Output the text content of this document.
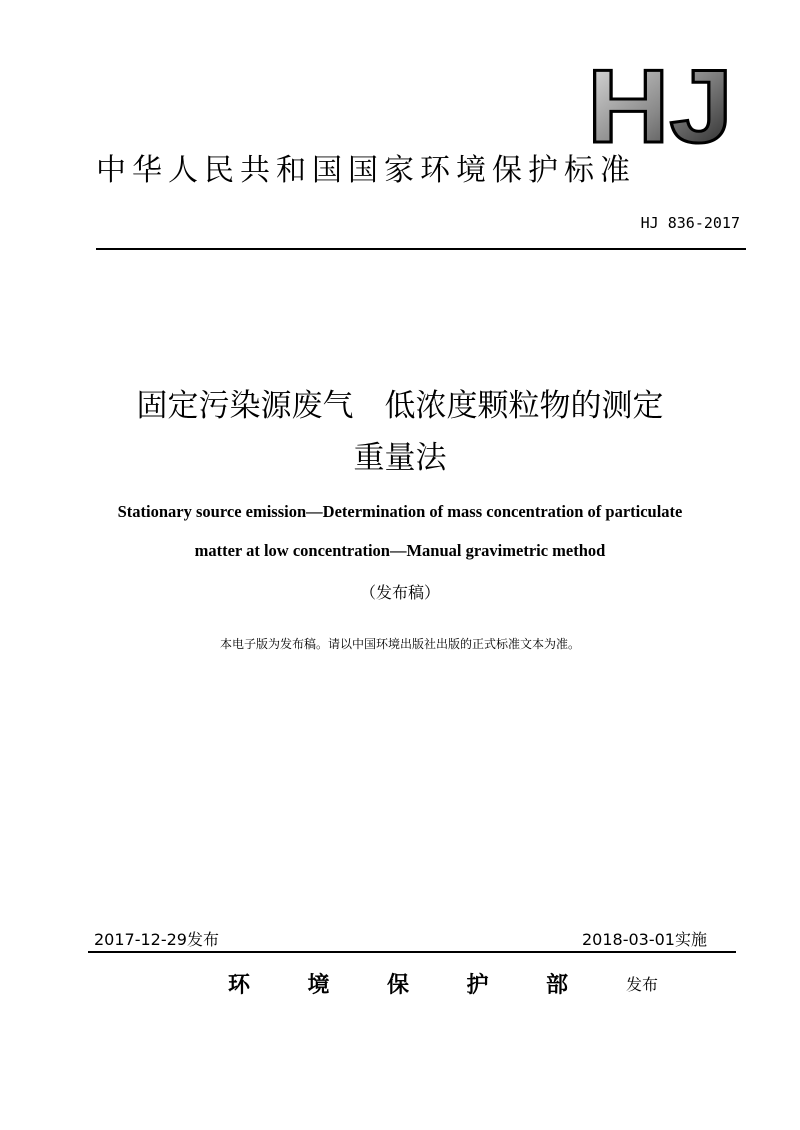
HJ
中华人民共和国国家环境保护标准
HJ 836-2017
固定污染源废气　低浓度颗粒物的测定
重量法
Stationary source emission—Determination of mass concentration of particulate
matter at low concentration—Manual gravimetric method
（发布稿）
本电子版为发布稿。请以中国环境出版社出版的正式标准文本为准。
2017-12-29发布	2018-03-01实施
环	境	保	护	部	发布
